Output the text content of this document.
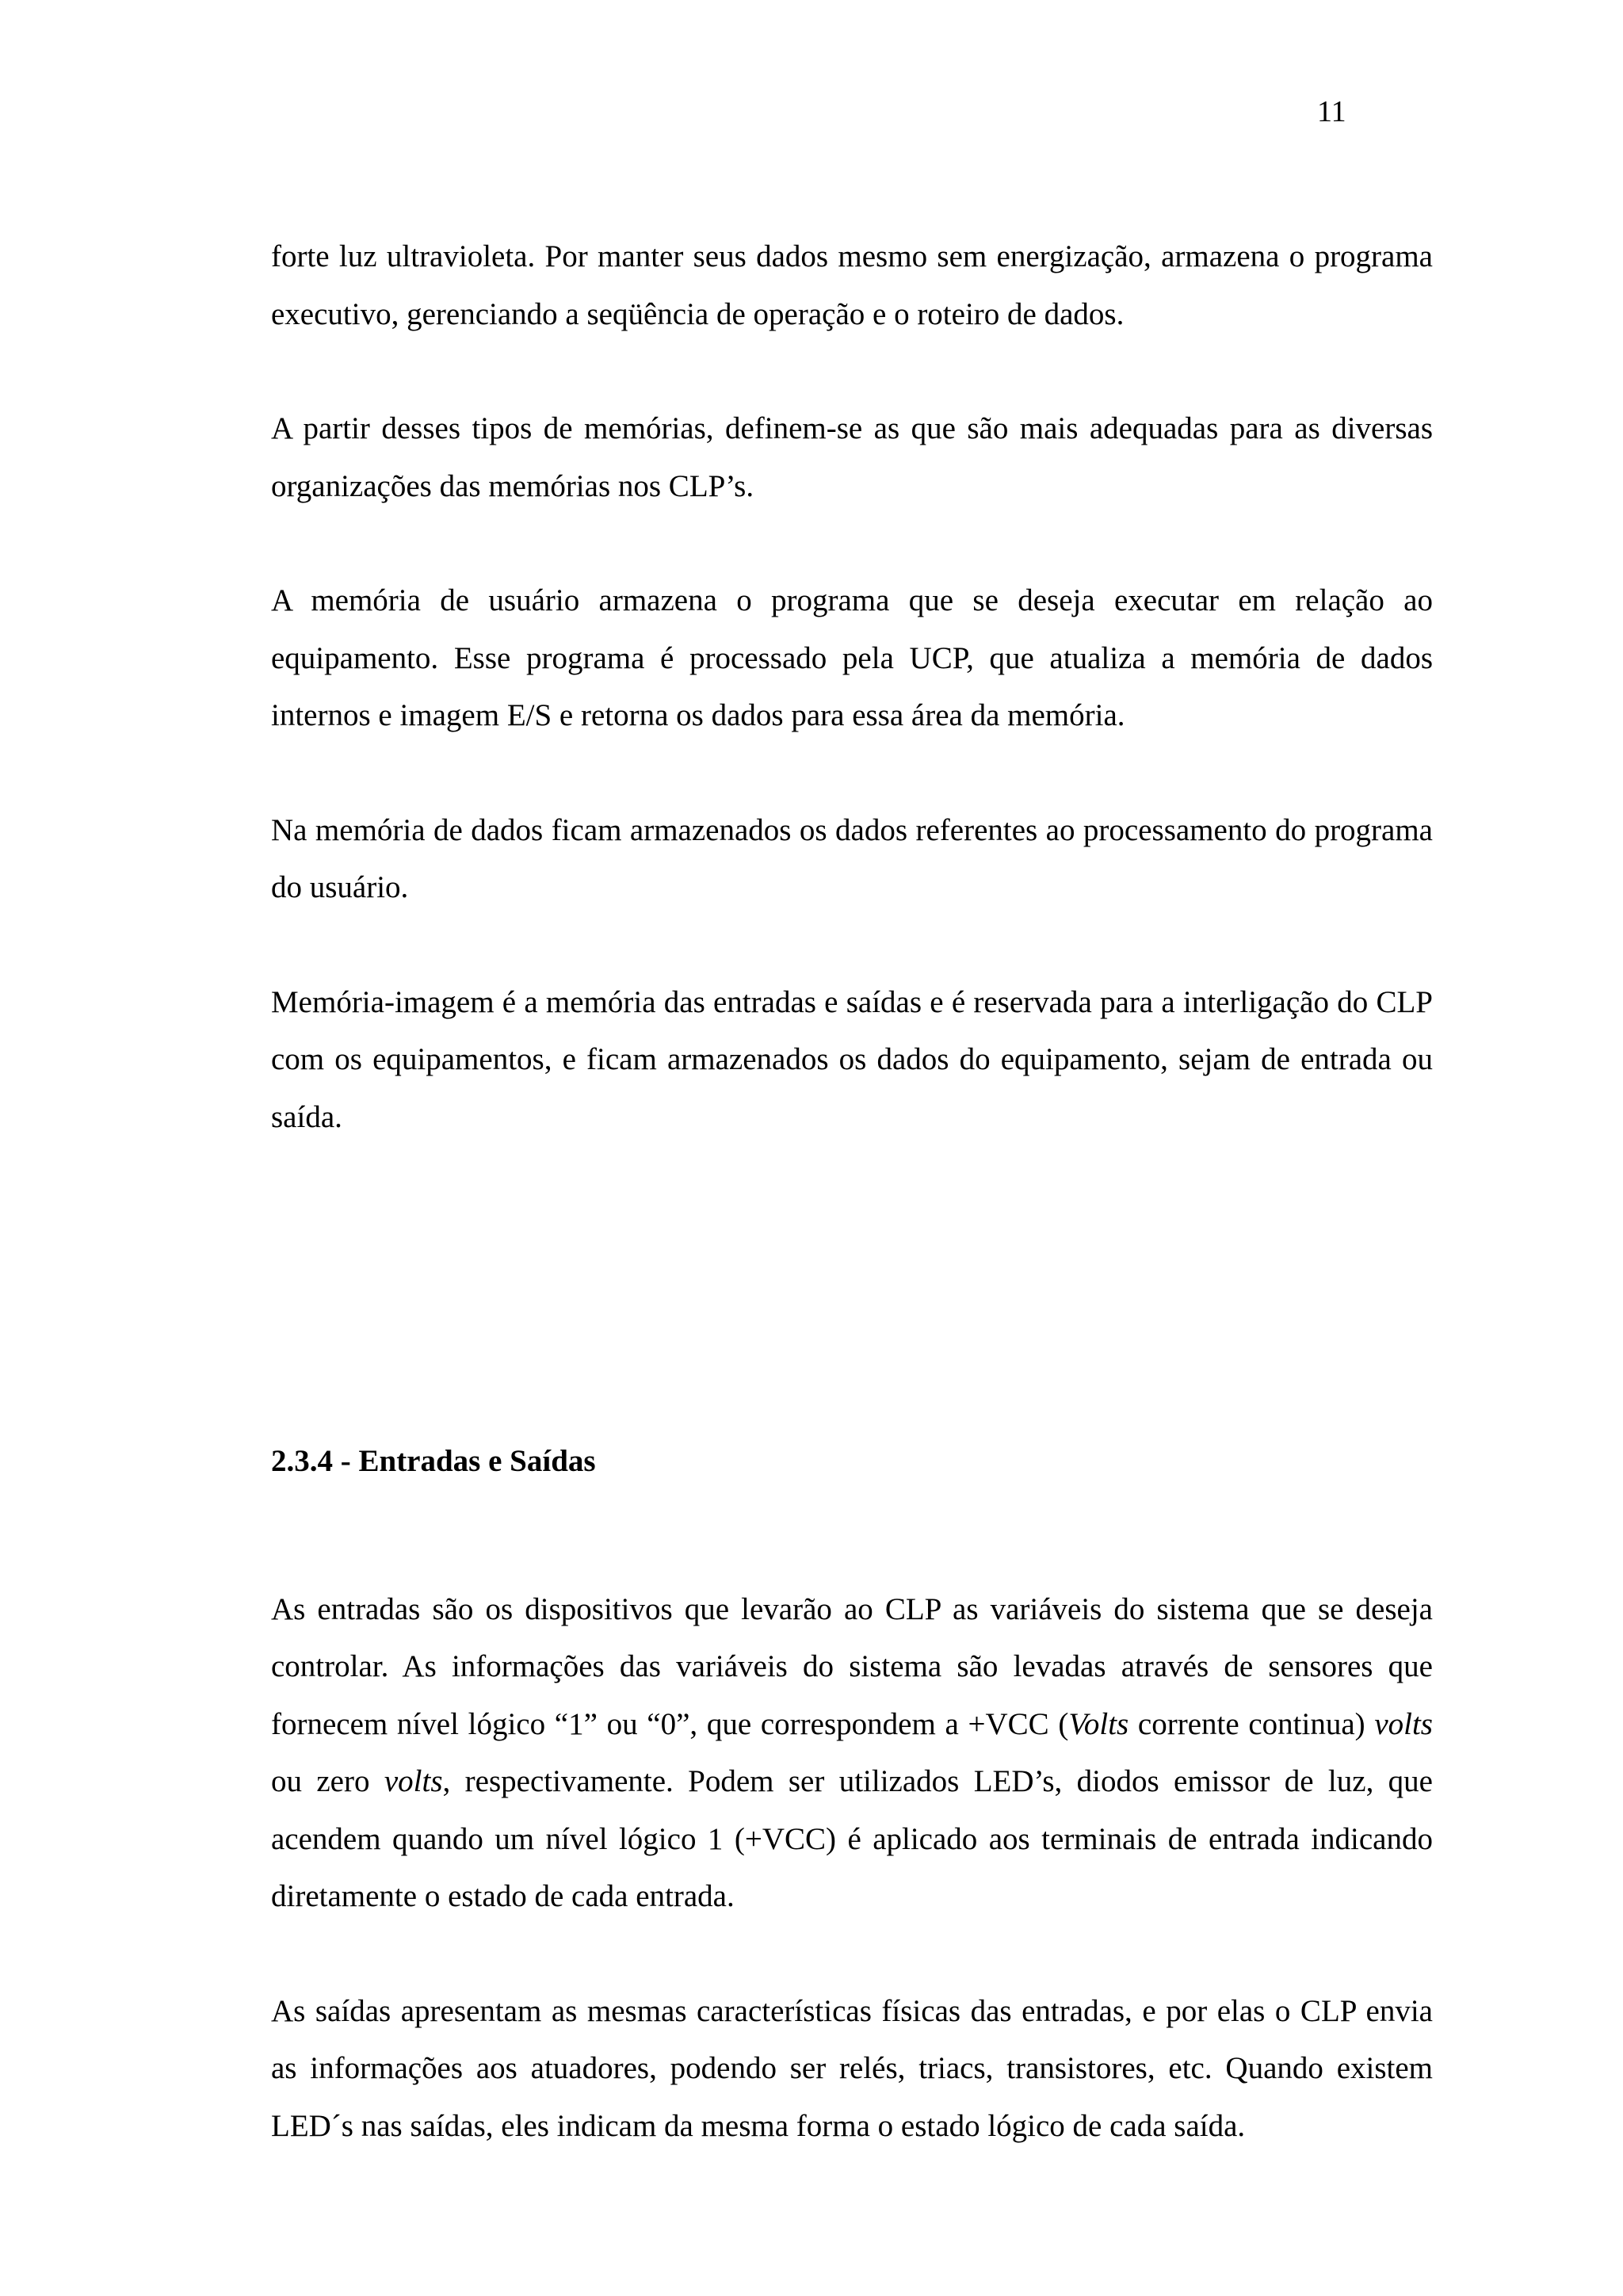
11

forte luz ultravioleta. Por manter seus dados mesmo sem energização, armazena o programa executivo, gerenciando a seqüência de operação e o roteiro de dados.

A partir desses tipos de memórias, definem-se as que são mais adequadas para as diversas organizações das memórias nos CLP’s.

A memória de usuário armazena o programa que se deseja executar em relação ao equipamento. Esse programa é processado pela UCP, que atualiza a memória de dados internos e imagem E/S e retorna os dados para essa área da memória.

Na memória de dados ficam armazenados os dados referentes ao processamento do programa do usuário.

Memória-imagem é a memória das entradas e saídas e é reservada para a interligação do CLP com os equipamentos, e ficam armazenados os dados do equipamento, sejam de entrada ou saída.

2.3.4 - Entradas e Saídas

As entradas são os dispositivos que levarão ao CLP as variáveis do sistema que se deseja controlar. As informações das variáveis do sistema são levadas através de sensores que fornecem nível lógico “1” ou “0”, que correspondem a +VCC (Volts corrente continua) volts ou zero volts, respectivamente. Podem ser utilizados LED’s, diodos emissor de luz, que acendem quando um nível lógico 1 (+VCC) é aplicado aos terminais de entrada indicando diretamente o estado de cada entrada.

As saídas apresentam as mesmas características físicas das entradas, e por elas o CLP envia as informações aos atuadores, podendo ser relés, triacs, transistores, etc. Quando existem LED´s nas saídas, eles indicam da mesma forma o estado lógico de cada saída.
